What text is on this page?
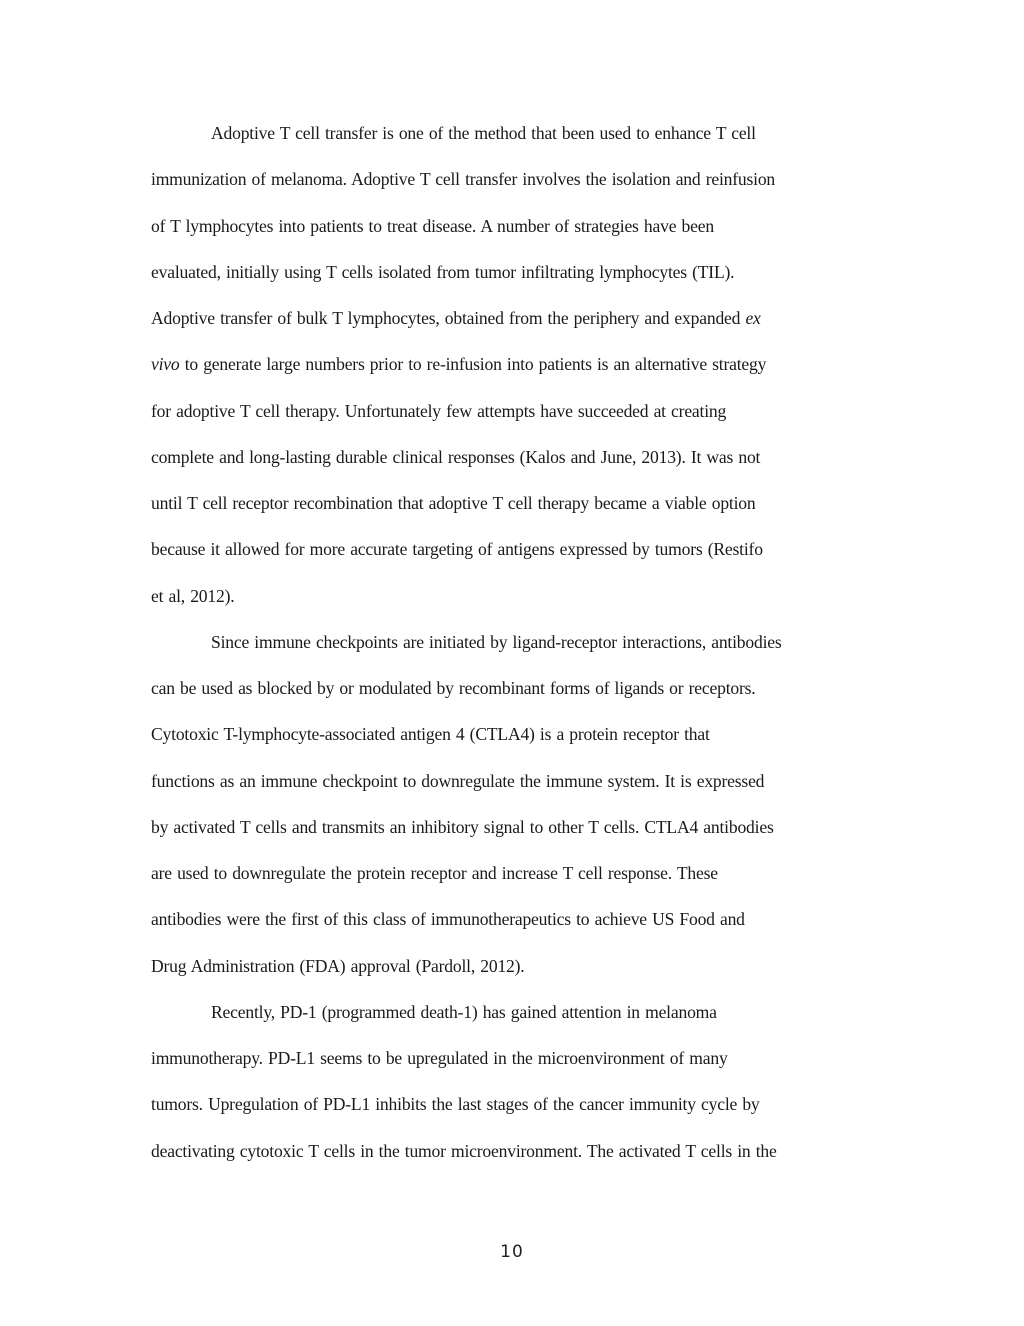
Adoptive T cell transfer is one of the method that been used to enhance T cell
immunization of melanoma. Adoptive T cell transfer involves the isolation and reinfusion
of T lymphocytes into patients to treat disease. A number of strategies have been
evaluated, initially using T cells isolated from tumor infiltrating lymphocytes (TIL).
Adoptive transfer of bulk T lymphocytes, obtained from the periphery and expanded ex
vivo to generate large numbers prior to re-infusion into patients is an alternative strategy
for adoptive T cell therapy. Unfortunately few attempts have succeeded at creating
complete and long-lasting durable clinical responses (Kalos and June, 2013). It was not
until T cell receptor recombination that adoptive T cell therapy became a viable option
because it allowed for more accurate targeting of antigens expressed by tumors (Restifo
et al, 2012).
Since immune checkpoints are initiated by ligand-receptor interactions, antibodies
can be used as blocked by or modulated by recombinant forms of ligands or receptors.
Cytotoxic T-lymphocyte-associated antigen 4 (CTLA4) is a protein receptor that
functions as an immune checkpoint to downregulate the immune system. It is expressed
by activated T cells and transmits an inhibitory signal to other T cells. CTLA4 antibodies
are used to downregulate the protein receptor and increase T cell response. These
antibodies were the first of this class of immunotherapeutics to achieve US Food and
Drug Administration (FDA) approval (Pardoll, 2012).
Recently, PD-1 (programmed death-1) has gained attention in melanoma
immunotherapy. PD-L1 seems to be upregulated in the microenvironment of many
tumors. Upregulation of PD-L1 inhibits the last stages of the cancer immunity cycle by
deactivating cytotoxic T cells in the tumor microenvironment. The activated T cells in the
10
